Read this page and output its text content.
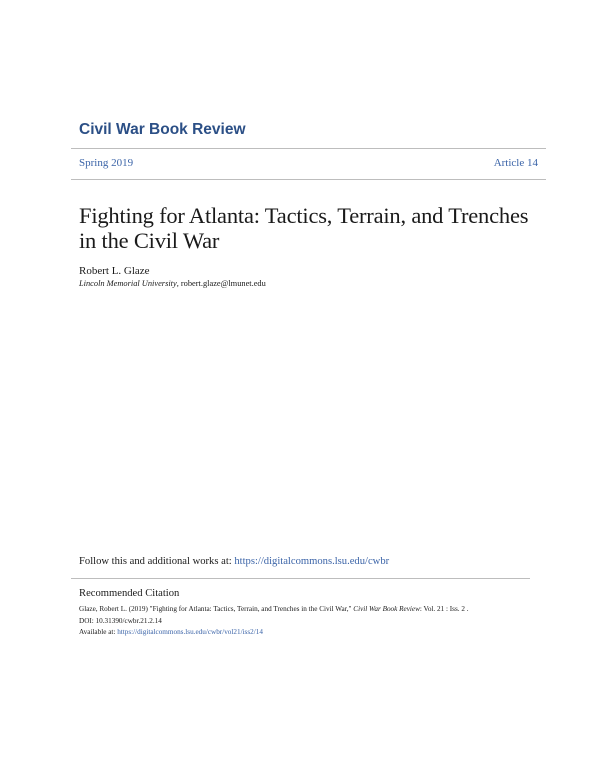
Civil War Book Review
Spring 2019	Article 14
Fighting for Atlanta: Tactics, Terrain, and Trenches
in the Civil War
Robert L. Glaze
Lincoln Memorial University, robert.glaze@lmunet.edu
Follow this and additional works at: https://digitalcommons.lsu.edu/cwbr
Recommended Citation
Glaze, Robert L. (2019) "Fighting for Atlanta: Tactics, Terrain, and Trenches in the Civil War," Civil War Book Review: Vol. 21 : Iss. 2 .
DOI: 10.31390/cwbr.21.2.14
Available at: https://digitalcommons.lsu.edu/cwbr/vol21/iss2/14
